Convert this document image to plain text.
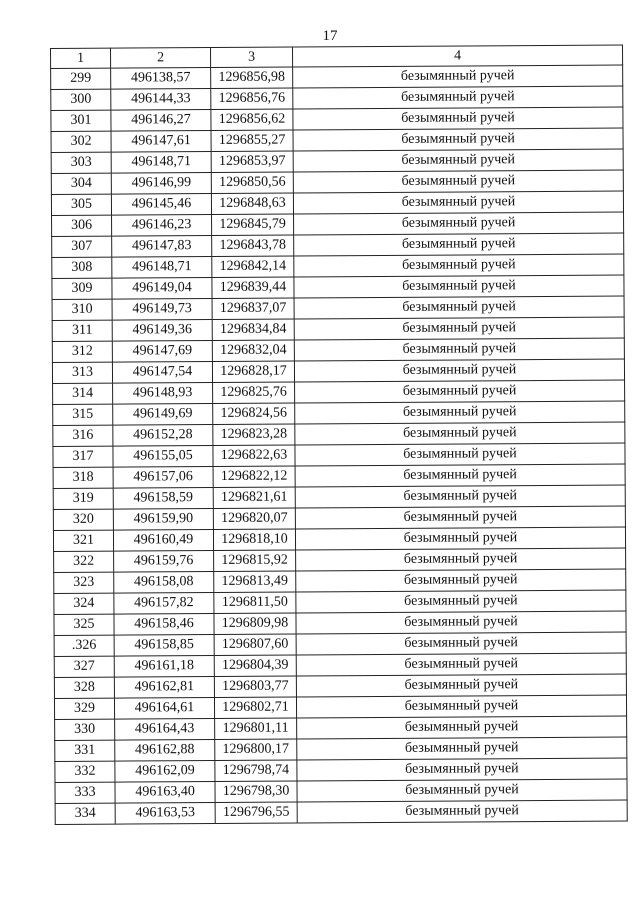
17
1	2	3	4
299	496138,57	1296856,98	безымянный ручей
300	496144,33	1296856,76	безымянный ручей
301	496146,27	1296856,62	безымянный ручей
302	496147,61	1296855,27	безымянный ручей
303	496148,71	1296853,97	безымянный ручей
304	496146,99	1296850,56	безымянный ручей
305	496145,46	1296848,63	безымянный ручей
306	496146,23	1296845,79	безымянный ручей
307	496147,83	1296843,78	безымянный ручей
308	496148,71	1296842,14	безымянный ручей
309	496149,04	1296839,44	безымянный ручей
310	496149,73	1296837,07	безымянный ручей
311	496149,36	1296834,84	безымянный ручей
312	496147,69	1296832,04	безымянный ручей
313	496147,54	1296828,17	безымянный ручей
314	496148,93	1296825,76	безымянный ручей
315	496149,69	1296824,56	безымянный ручей
316	496152,28	1296823,28	безымянный ручей
317	496155,05	1296822,63	безымянный ручей
318	496157,06	1296822,12	безымянный ручей
319	496158,59	1296821,61	безымянный ручей
320	496159,90	1296820,07	безымянный ручей
321	496160,49	1296818,10	безымянный ручей
322	496159,76	1296815,92	безымянный ручей
323	496158,08	1296813,49	безымянный ручей
324	496157,82	1296811,50	безымянный ручей
325	496158,46	1296809,98	безымянный ручей
.326	496158,85	1296807,60	безымянный ручей
327	496161,18	1296804,39	безымянный ручей
328	496162,81	1296803,77	безымянный ручей
329	496164,61	1296802,71	безымянный ручей
330	496164,43	1296801,11	безымянный ручей
331	496162,88	1296800,17	безымянный ручей
332	496162,09	1296798,74	безымянный ручей
333	496163,40	1296798,30	безымянный ручей
334	496163,53	1296796,55	безымянный ручей
